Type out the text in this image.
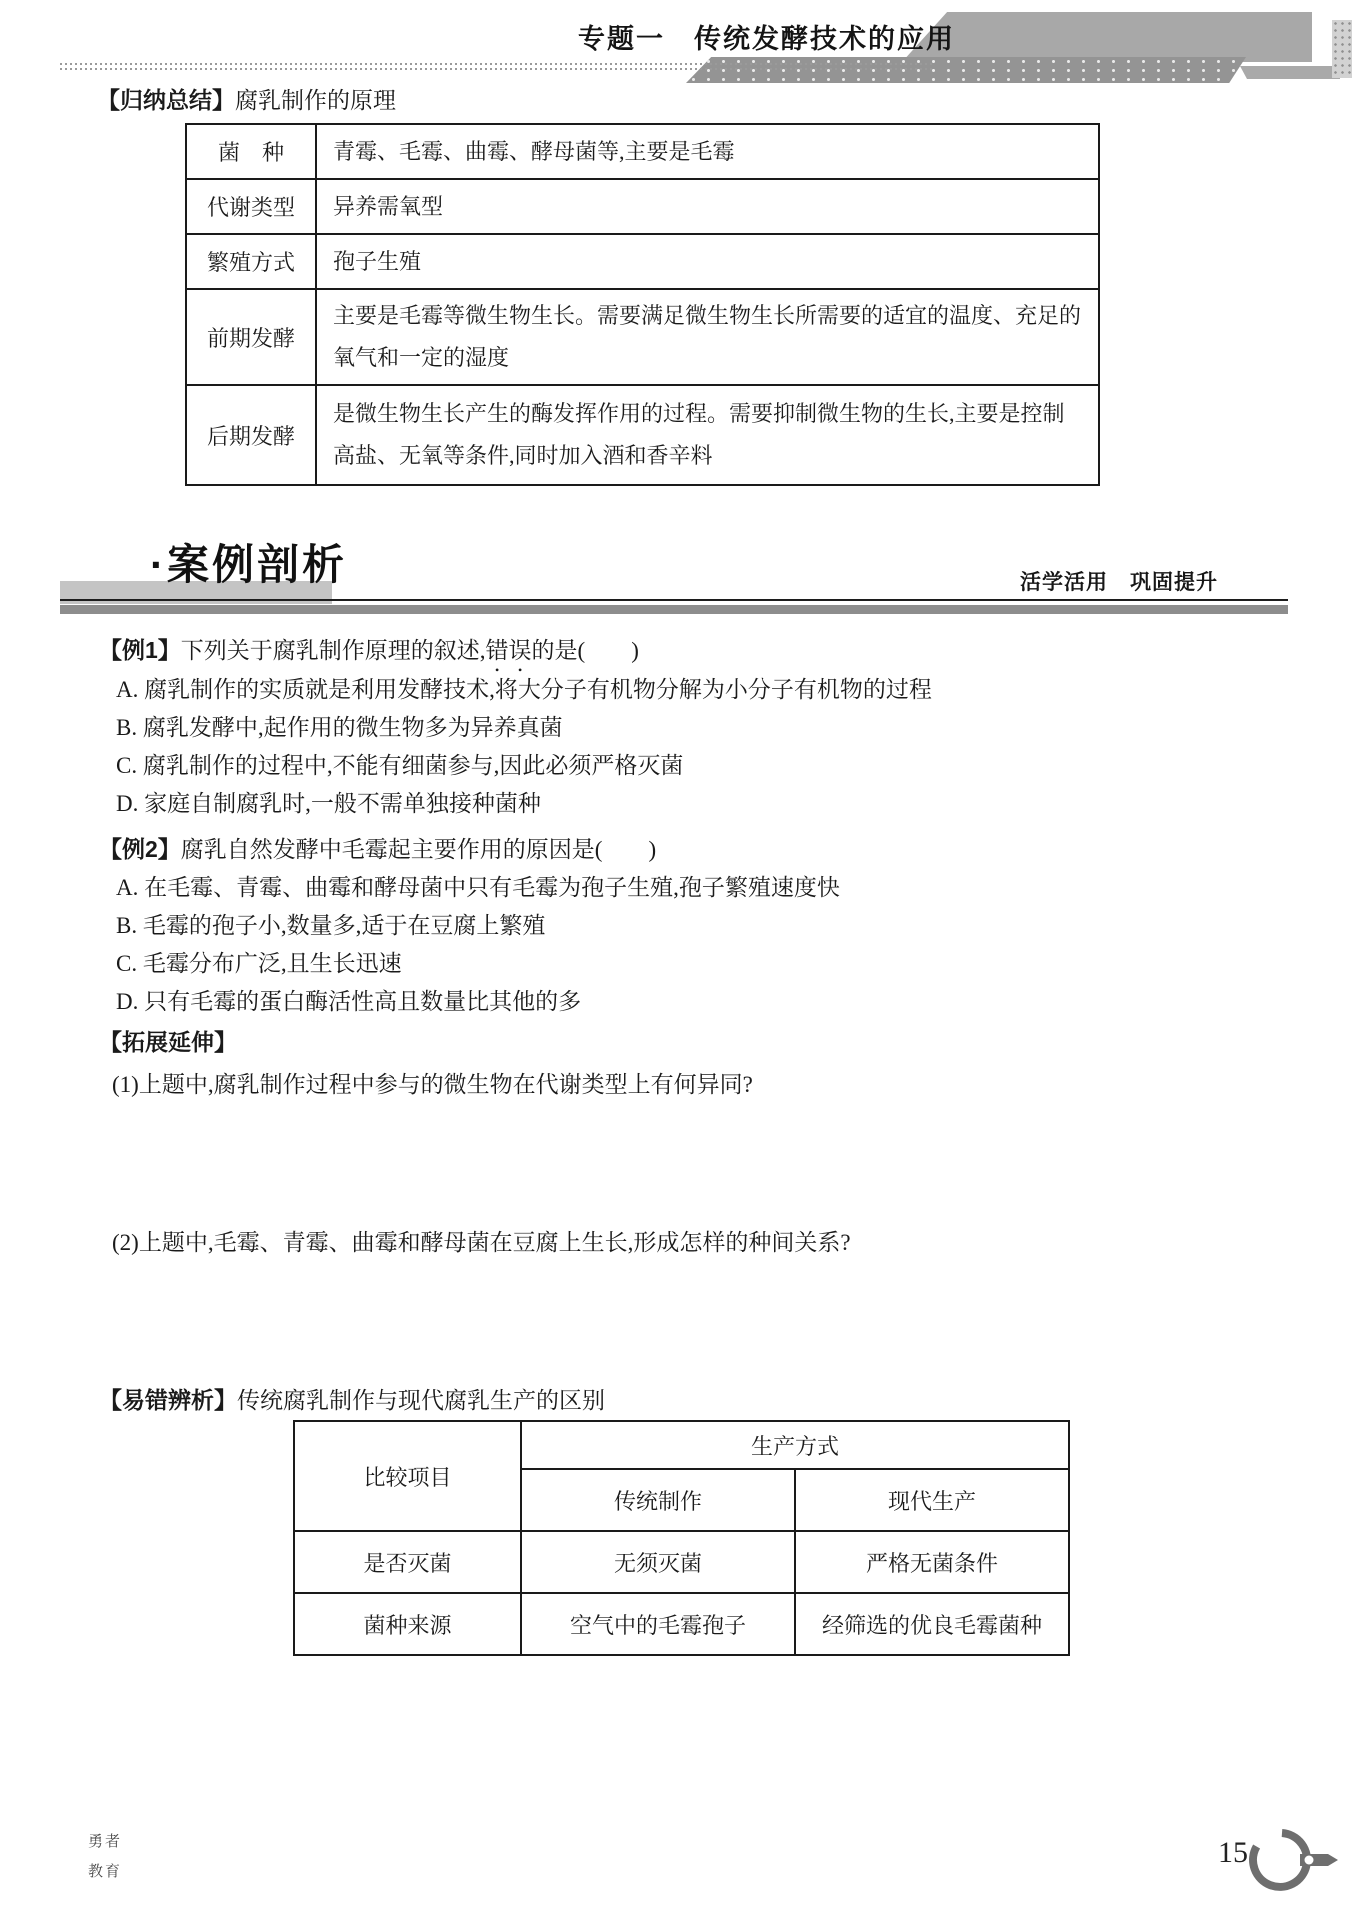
专题一　传统发酵技术的应用

【归纳总结】腐乳制作的原理

菌　种	青霉、毛霉、曲霉、酵母菌等,主要是毛霉
代谢类型	异养需氧型
繁殖方式	孢子生殖
前期发酵	主要是毛霉等微生物生长。需要满足微生物生长所需要的适宜的温度、充足的氧气和一定的湿度
后期发酵	是微生物生长产生的酶发挥作用的过程。需要抑制微生物的生长,主要是控制高盐、无氧等条件,同时加入酒和香辛料
·案例剖析	活学活用　巩固提升

【例1】下列关于腐乳制作原理的叙述,错误的是(　　)

A. 腐乳制作的实质就是利用发酵技术,将大分子有机物分解为小分子有机物的过程

B. 腐乳发酵中,起作用的微生物多为异养真菌

C. 腐乳制作的过程中,不能有细菌参与,因此必须严格灭菌

D. 家庭自制腐乳时,一般不需单独接种菌种

【例2】腐乳自然发酵中毛霉起主要作用的原因是(　　)

A. 在毛霉、青霉、曲霉和酵母菌中只有毛霉为孢子生殖,孢子繁殖速度快

B. 毛霉的孢子小,数量多,适于在豆腐上繁殖

C. 毛霉分布广泛,且生长迅速

D. 只有毛霉的蛋白酶活性高且数量比其他的多

【拓展延伸】

(1)上题中,腐乳制作过程中参与的微生物在代谢类型上有何异同?

(2)上题中,毛霉、青霉、曲霉和酵母菌在豆腐上生长,形成怎样的种间关系?

【易错辨析】传统腐乳制作与现代腐乳生产的区别

比较项目	生产方式	
	传统制作	现代生产
是否灭菌	无须灭菌	严格无菌条件
菌种来源	空气中的毛霉孢子	经筛选的优良毛霉菌种

勇者

教育

15
